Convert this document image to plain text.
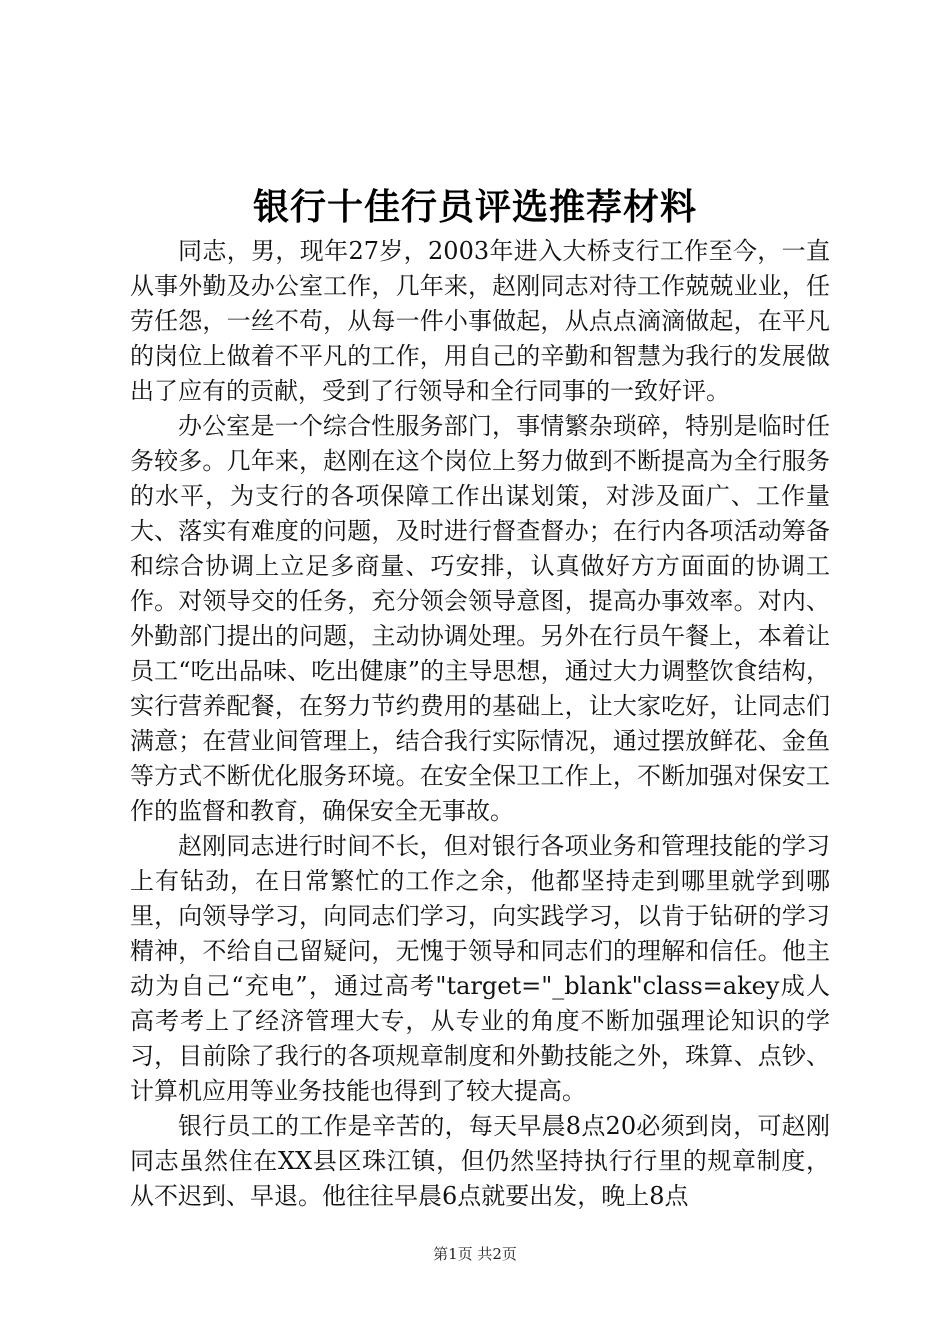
银行十佳行员评选推荐材料

同志，男，现年27岁，2003年进入大桥支行工作至今，一直从事外勤及办公室工作，几年来，赵刚同志对待工作兢兢业业，任劳任怨，一丝不苟，从每一件小事做起，从点点滴滴做起，在平凡的岗位上做着不平凡的工作，用自己的辛勤和智慧为我行的发展做出了应有的贡献，受到了行领导和全行同事的一致好评。

办公室是一个综合性服务部门，事情繁杂琐碎，特别是临时任务较多。几年来，赵刚在这个岗位上努力做到不断提高为全行服务的水平，为支行的各项保障工作出谋划策，对涉及面广、工作量大、落实有难度的问题，及时进行督查督办；在行内各项活动筹备和综合协调上立足多商量、巧安排，认真做好方方面面的协调工作。对领导交的任务，充分领会领导意图，提高办事效率。对内、外勤部门提出的问题，主动协调处理。另外在行员午餐上，本着让员工“吃出品味、吃出健康”的主导思想，通过大力调整饮食结构，实行营养配餐，在努力节约费用的基础上，让大家吃好，让同志们满意；在营业间管理上，结合我行实际情况，通过摆放鲜花、金鱼等方式不断优化服务环境。在安全保卫工作上，不断加强对保安工作的监督和教育，确保安全无事故。

赵刚同志进行时间不长，但对银行各项业务和管理技能的学习上有钻劲，在日常繁忙的工作之余，他都坚持走到哪里就学到哪里，向领导学习，向同志们学习，向实践学习，以肯于钻研的学习精神，不给自己留疑问，无愧于领导和同志们的理解和信任。他主动为自己“充电”，通过高考"target="_blank"class=akey成人高考考上了经济管理大专，从专业的角度不断加强理论知识的学习，目前除了我行的各项规章制度和外勤技能之外，珠算、点钞、计算机应用等业务技能也得到了较大提高。

银行员工的工作是辛苦的，每天早晨8点20必须到岗，可赵刚同志虽然住在XX县区珠江镇，但仍然坚持执行行里的规章制度，从不迟到、早退。他往往早晨6点就要出发，晚上8点

第1页 共2页
